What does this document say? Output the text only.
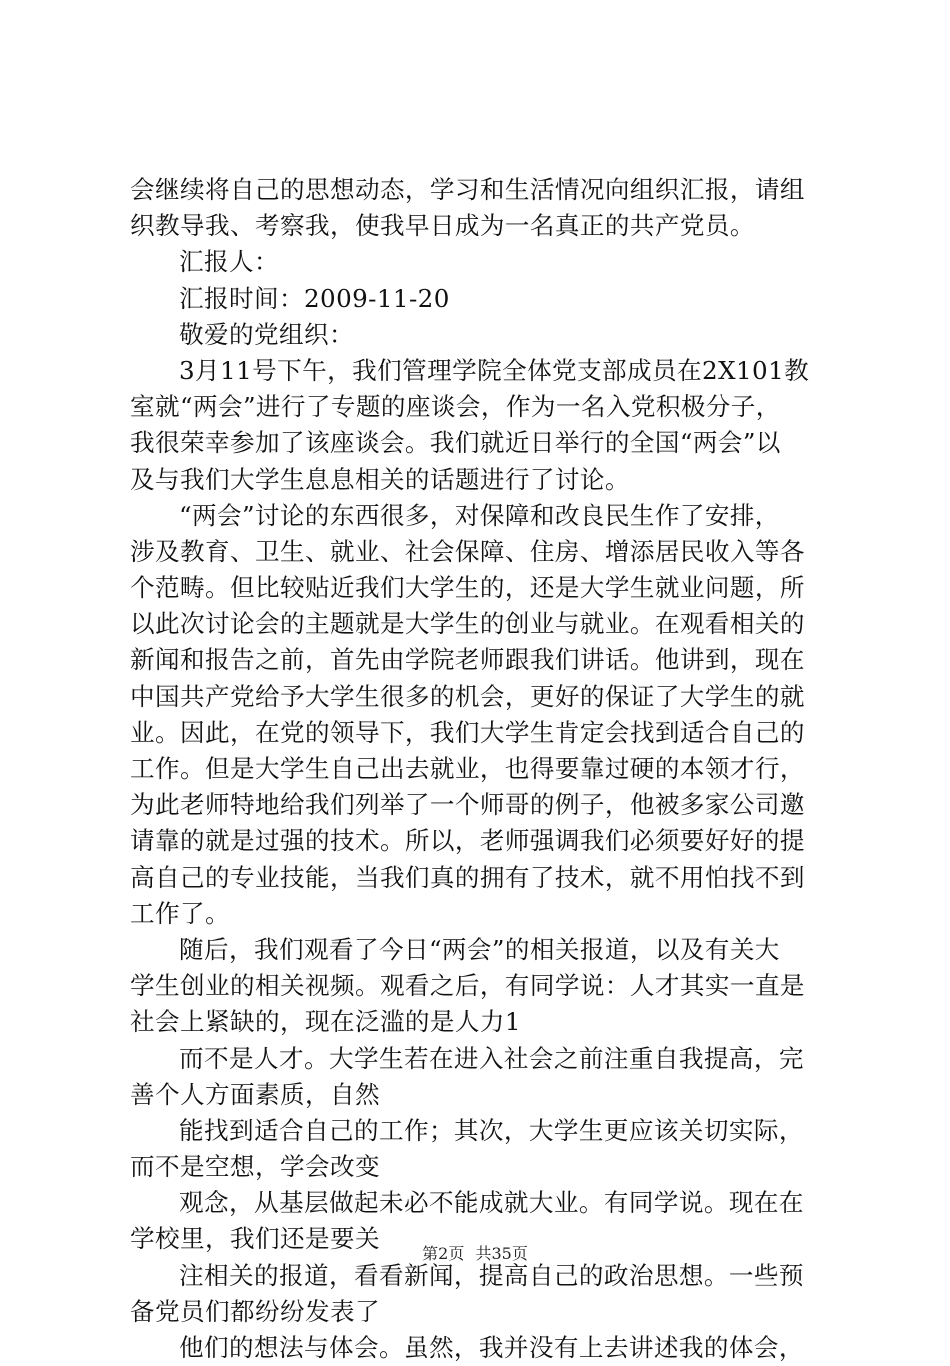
会继续将自己的思想动态，学习和生活情况向组织汇报，请组
织教导我、考察我，使我早日成为一名真正的共产党员。
汇报人：
汇报时间：2009-11-20
敬爱的党组织：
3月11号下午，我们管理学院全体党支部成员在2X101教
室就“两会”进行了专题的座谈会，作为一名入党积极分子，
我很荣幸参加了该座谈会。我们就近日举行的全国“两会”以
及与我们大学生息息相关的话题进行了讨论。
“两会”讨论的东西很多，对保障和改良民生作了安排，
涉及教育、卫生、就业、社会保障、住房、增添居民收入等各
个范畴。但比较贴近我们大学生的，还是大学生就业问题，所
以此次讨论会的主题就是大学生的创业与就业。在观看相关的
新闻和报告之前，首先由学院老师跟我们讲话。他讲到，现在
中国共产党给予大学生很多的机会，更好的保证了大学生的就
业。因此，在党的领导下，我们大学生肯定会找到适合自己的
工作。但是大学生自己出去就业，也得要靠过硬的本领才行，
为此老师特地给我们列举了一个师哥的例子，他被多家公司邀
请靠的就是过强的技术。所以，老师强调我们必须要好好的提
高自己的专业技能，当我们真的拥有了技术，就不用怕找不到
工作了。
随后，我们观看了今日“两会”的相关报道，以及有关大
学生创业的相关视频。观看之后，有同学说：人才其实一直是
社会上紧缺的，现在泛滥的是人力1
而不是人才。大学生若在进入社会之前注重自我提高，完
善个人方面素质，自然
能找到适合自己的工作；其次，大学生更应该关切实际，
而不是空想，学会改变
观念，从基层做起未必不能成就大业。有同学说。现在在
学校里，我们还是要关
注相关的报道，看看新闻，提高自己的政治思想。一些预
备党员们都纷纷发表了
他们的想法与体会。虽然，我并没有上去讲述我的体会，
第2页 共35页
